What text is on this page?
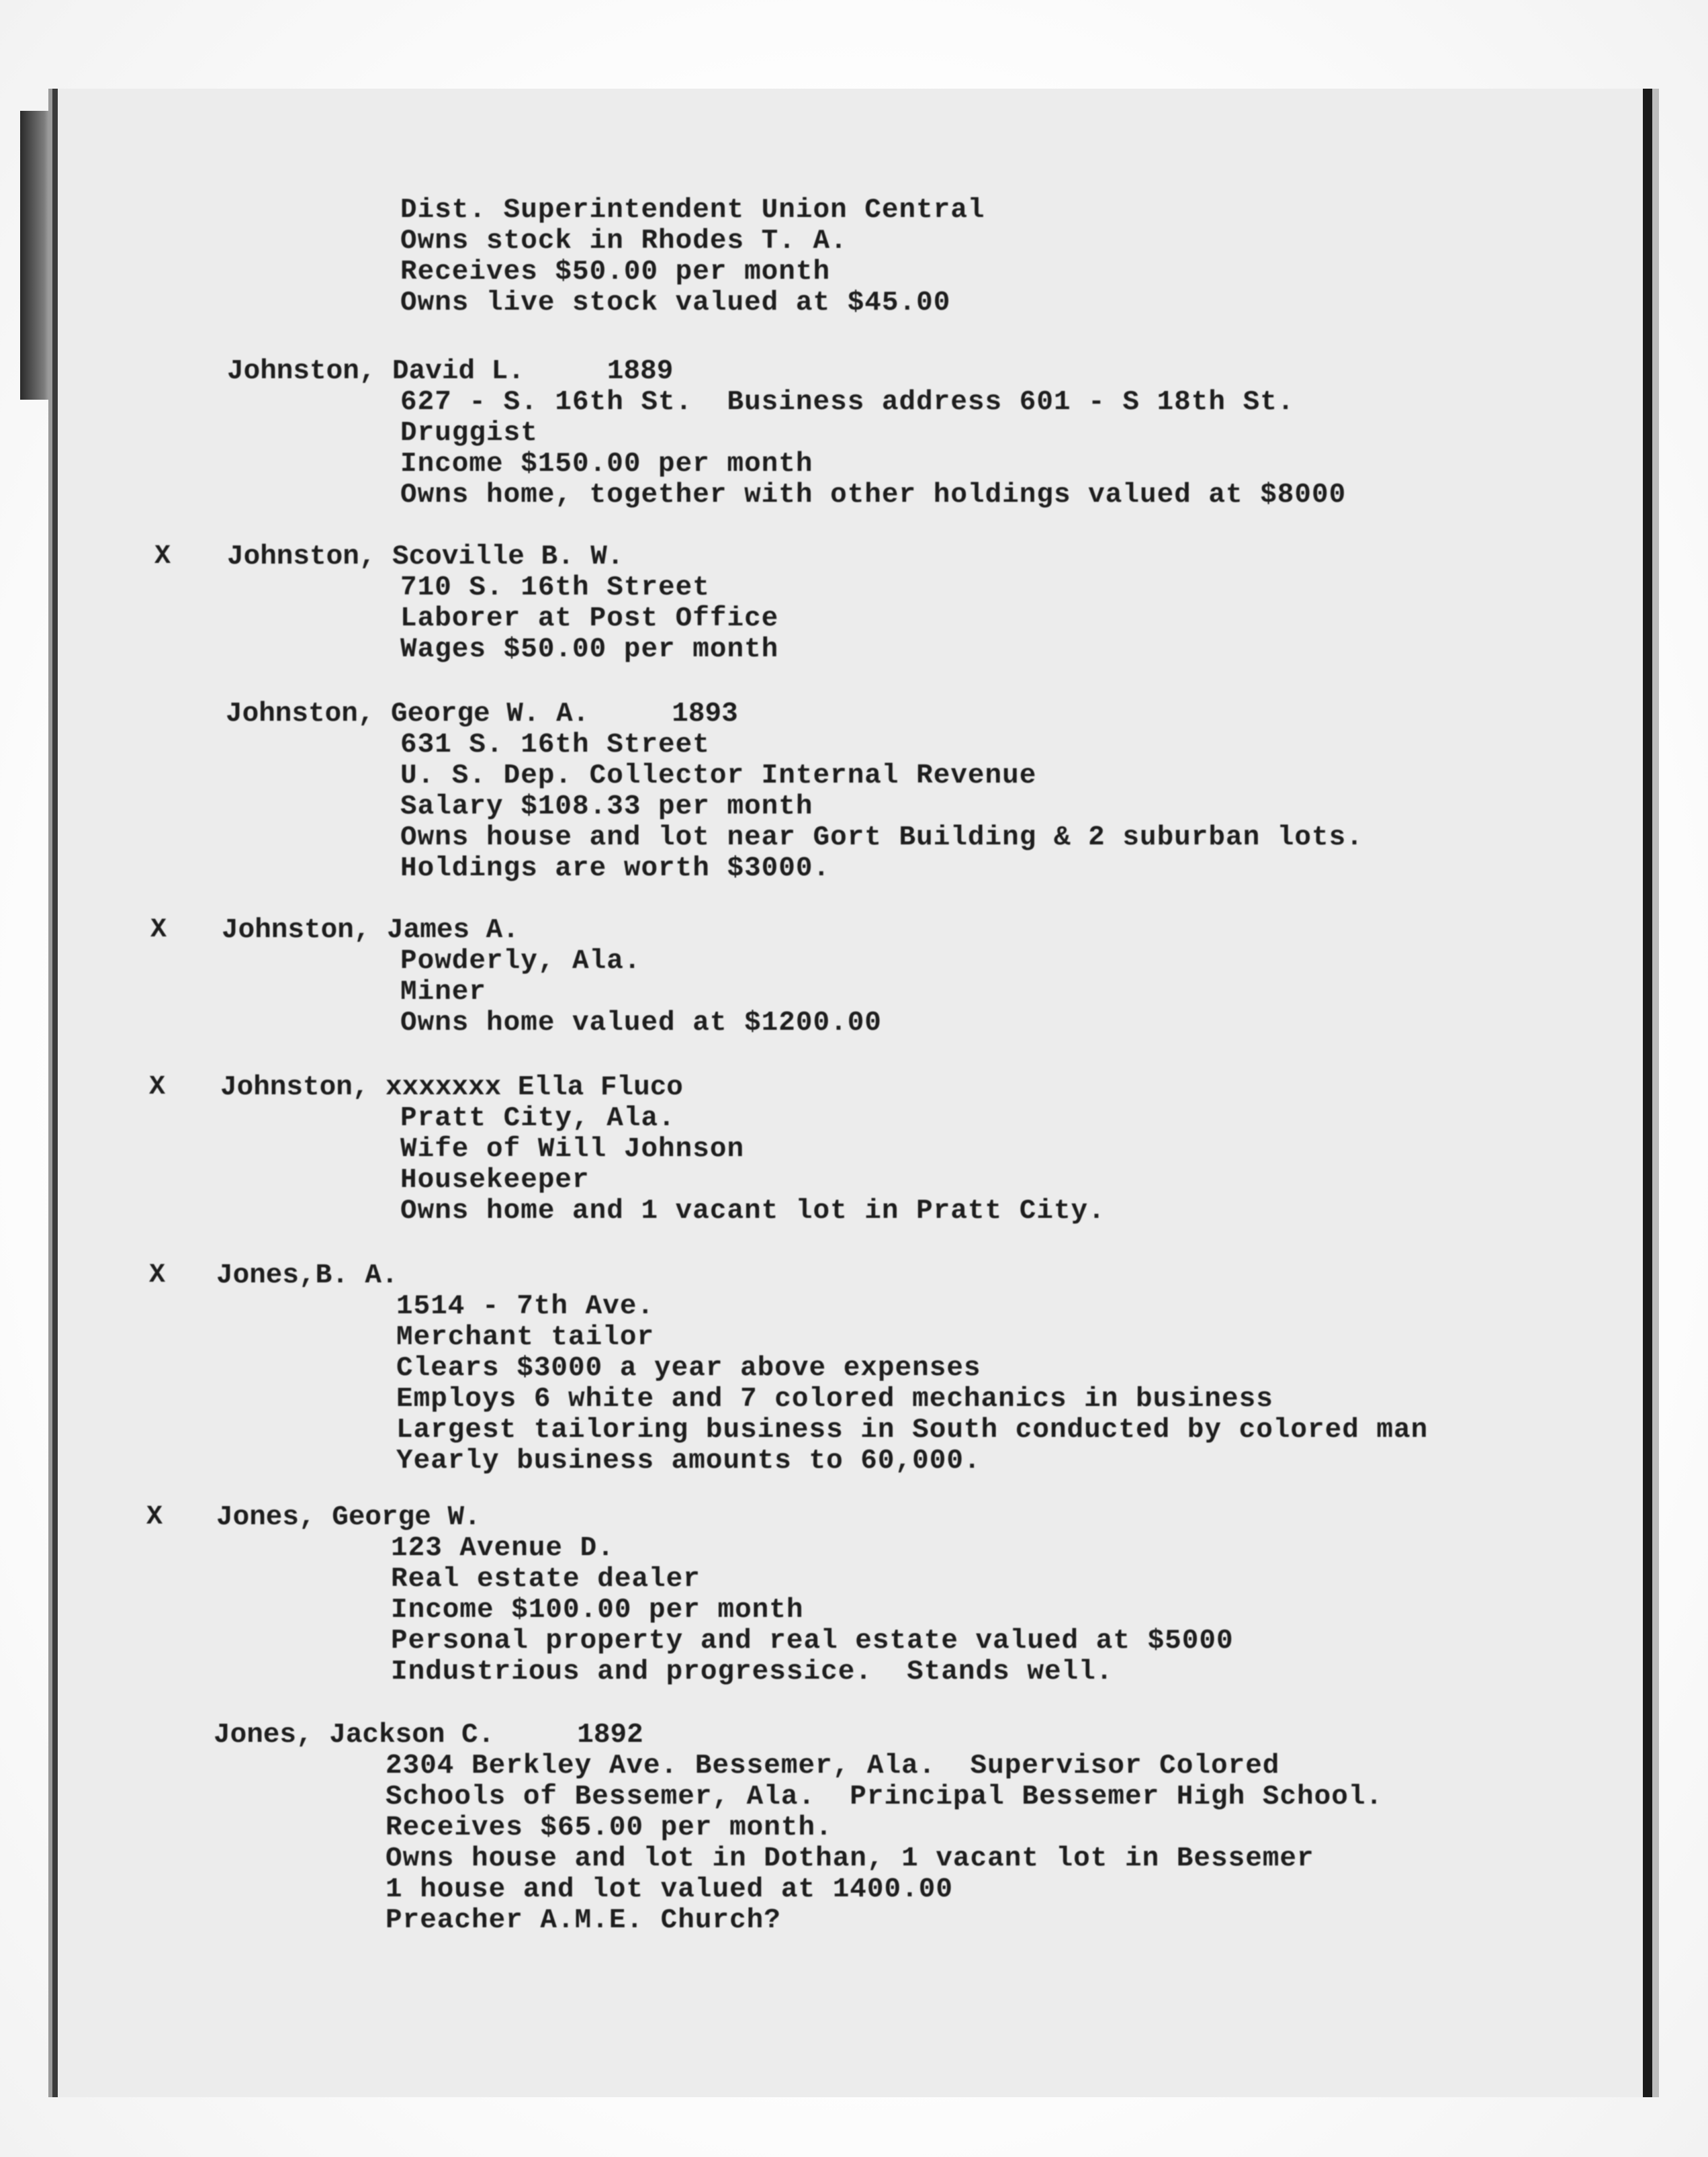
Dist. Superintendent Union Central
Owns stock in Rhodes T. A.
Receives $50.00 per month
Owns live stock valued at $45.00
Johnston, David L.     1889
627 - S. 16th St.  Business address 601 - S 18th St.
Druggist
Income $150.00 per month
Owns home, together with other holdings valued at $8000
X Johnston, Scoville B. W.
710 S. 16th Street
Laborer at Post Office
Wages $50.00 per month
Johnston, George W. A.     1893
631 S. 16th Street
U. S. Dep. Collector Internal Revenue
Salary $108.33 per month
Owns house and lot near Gort Building & 2 suburban lots.
Holdings are worth $3000.
X Johnston, James A.
Powderly, Ala.
Miner
Owns home valued at $1200.00
X Johnston, xxxxxxx Ella Fluco
Pratt City, Ala.
Wife of Will Johnson
Housekeeper
Owns home and 1 vacant lot in Pratt City.
X Jones,B. A.
1514 - 7th Ave.
Merchant tailor
Clears $3000 a year above expenses
Employs 6 white and 7 colored mechanics in business
Largest tailoring business in South conducted by colored man
Yearly business amounts to 60,000.
X Jones, George W.
123 Avenue D.
Real estate dealer
Income $100.00 per month
Personal property and real estate valued at $5000
Industrious and progressice.  Stands well.
Jones, Jackson C.     1892
2304 Berkley Ave. Bessemer, Ala.  Supervisor Colored
Schools of Bessemer, Ala.  Principal Bessemer High School.
Receives $65.00 per month.
Owns house and lot in Dothan, 1 vacant lot in Bessemer
1 house and lot valued at 1400.00
Preacher A.M.E. Church?
